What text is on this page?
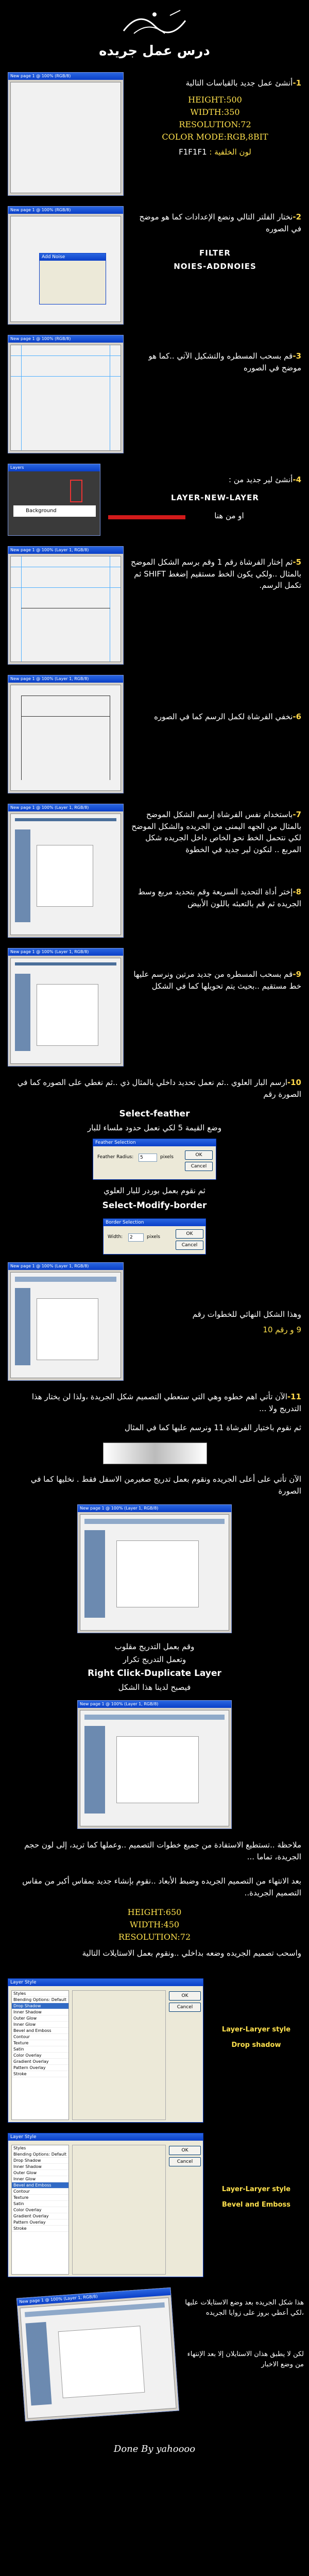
درس عمل جريده
New page 1 @ 100% (RGB/8)
1-أنشئ عمل جديد بالقياسات التالية
HEIGHT:500
WIDTH:350
RESOLUTION:72
COLOR MODE:RGB,8BIT
لون الخلفية : F1F1F1
New page 1 @ 100% (RGB/8)
Add Noise
2-نختار الفلتر التالي ونضع الإعدادات كما هو موضح في الصوره
FILTER
NOIES-ADDNOIES
New page 1 @ 100% (RGB/8)
3-قم بسحب المسطره والتشكيل الآتي ..كما هو موضح في الصوره
Layers
Background
4-أنشئ لير جديد من :
LAYER-NEW-LAYER
او من هنا
New page 1 @ 100% (Layer 1, RGB/8)
5-ثم إختار الفرشاة رقم 1 وقم برسم الشكل الموضح بالمثال ..ولكي يكون الخط مستقيم إضغط SHIFT ثم تكمل الرسم.
New page 1 @ 100% (Layer 1, RGB/8)
6-نخفي الفرشاة لكمل الرسم كما في الصوره
New page 1 @ 100% (Layer 1, RGB/8)
7-باستخدام نفس الفرشاة إرسم الشكل الموضح بالمثال من الجهه اليمنى من الجريده والشكل الموضح لكي نتحمل الخط نحو الخاص داخل الجريده شكل المربع .. لنكون لير جديد في الخطوة
8-إختر أداة التحديد السريعة وقم بتحديد مربع وسط الجريده ثم قم بالتعبئه باللون الأبيض
New page 1 @ 100% (Layer 1, RGB/8)
9-قم بسحب المسطره من جديد مرتين ونرسم عليها خط مستقيم ..بحيث يتم تحويلها كما في الشكل
10-ارسم البار العلوي ..ثم نعمل تحديد داخلي بالمثال ذي ..ثم نغطي على الصوره كما في الصورة رقم
Select-feather
وضع القيمة 5 لكي نعمل حدود ملساء للبار
Feather Selection
Feather Radius:	5	pixels	OK
Cancel
ثم نقوم بعمل بوردر للبار العلوي
Select-Modify-border
Border Selection
Width:	2	pixels
OK
Cancel
New page 1 @ 100% (Layer 1, RGB/8)
وهذا الشكل النهائي للخطوات رقم
9 و رقم 10
11-الآن تأتي اهم خطوه وهي التي ستعطي التصميم شكل الجريدة ،ولذا لن يختار هذا التدريج ولا ...
ثم نقوم باختيار الفرشاة 11 ونرسم عليها كما في المثال
الآن تأتي على أعلى الجريده ونقوم بعمل تدريج صغيرمن الاسفل فقط . نخليها كما في الصورة
New page 1 @ 100% (Layer 1, RGB/8)
وقم بعمل التدريج مقلوب
وتعمل التدريج تكرار
Right Click-Duplicate Layer
فيصبح لدينا هذا الشكل
New page 1 @ 100% (Layer 1, RGB/8)
ملاحظة ..تستطيع الاستفادة من جميع خطوات التصميم ..وعملها كما تريد، إلى لون حجم الجريدة، تماما ...
بعد الانتهاء من التصميم الجريده وضبط الأبعاد ..نقوم بإنشاء جديد بمقاس أكبر من مقاس التصميم الجريدة..
HEIGHT:650
WIDTH:450
RESOLUTION:72
واسحب تصميم الجريده وضعه بداخلي ..ونقوم بعمل الاستايلات التالية
Layer Style
Styles
Blending Options: Default
Drop Shadow
Inner Shadow
Outer Glow
Inner Glow
Bevel and Emboss
Contour
Texture
Satin
Color Overlay
Gradient Overlay
Pattern Overlay
Stroke
OK
Cancel
Layer-Laryer style
Drop shadow
Layer Style
Styles
Blending Options: Default
Drop Shadow
Inner Shadow
Outer Glow
Inner Glow
Bevel and Emboss
Contour
Texture
Satin
Color Overlay
Gradient Overlay
Pattern Overlay
Stroke
OK
Cancel
Layer-Laryer style
Bevel and Emboss
New page 1 @ 100% (Layer 1, RGB/8)	هذا شكل الجريده بعد وضع الاستايلات عليها ،لكي أعطي بروز على زوايا الجريده
لكن لا يطبق هذان الاستايلان إلا بعد الإنتهاء من وضع الاخبار
Done By yahoooo
